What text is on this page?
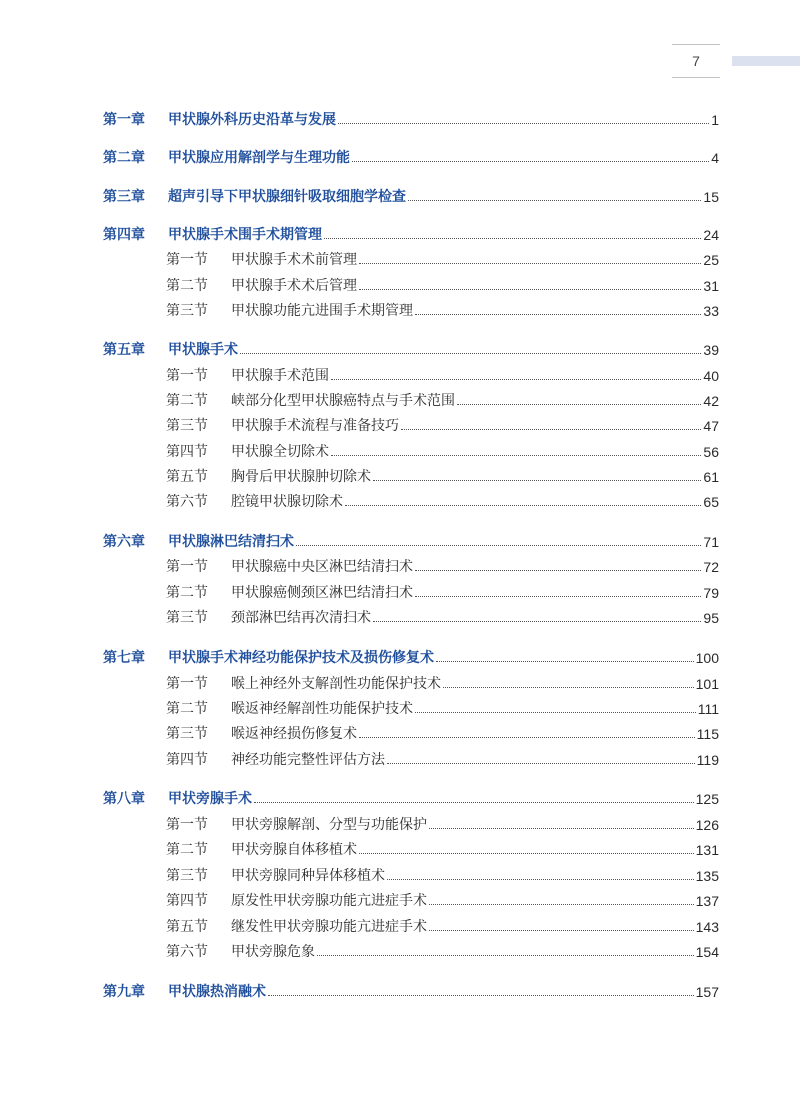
7
第一章 甲状腺外科历史沿革与发展	1
第二章 甲状腺应用解剖学与生理功能	4
第三章 超声引导下甲状腺细针吸取细胞学检查	15
第四章 甲状腺手术围手术期管理	24
第一节 甲状腺手术术前管理	25
第二节 甲状腺手术术后管理	31
第三节 甲状腺功能亢进围手术期管理	33
第五章 甲状腺手术	39
第一节 甲状腺手术范围	40
第二节 峡部分化型甲状腺癌特点与手术范围	42
第三节 甲状腺手术流程与准备技巧	47
第四节 甲状腺全切除术	56
第五节 胸骨后甲状腺肿切除术	61
第六节 腔镜甲状腺切除术	65
第六章 甲状腺淋巴结清扫术	71
第一节 甲状腺癌中央区淋巴结清扫术	72
第二节 甲状腺癌侧颈区淋巴结清扫术	79
第三节 颈部淋巴结再次清扫术	95
第七章 甲状腺手术神经功能保护技术及损伤修复术	100
第一节 喉上神经外支解剖性功能保护技术	101
第二节 喉返神经解剖性功能保护技术	111
第三节 喉返神经损伤修复术	115
第四节 神经功能完整性评估方法	119
第八章 甲状旁腺手术	125
第一节 甲状旁腺解剖、分型与功能保护	126
第二节 甲状旁腺自体移植术	131
第三节 甲状旁腺同种异体移植术	135
第四节 原发性甲状旁腺功能亢进症手术	137
第五节 继发性甲状旁腺功能亢进症手术	143
第六节 甲状旁腺危象	154
第九章 甲状腺热消融术	157
